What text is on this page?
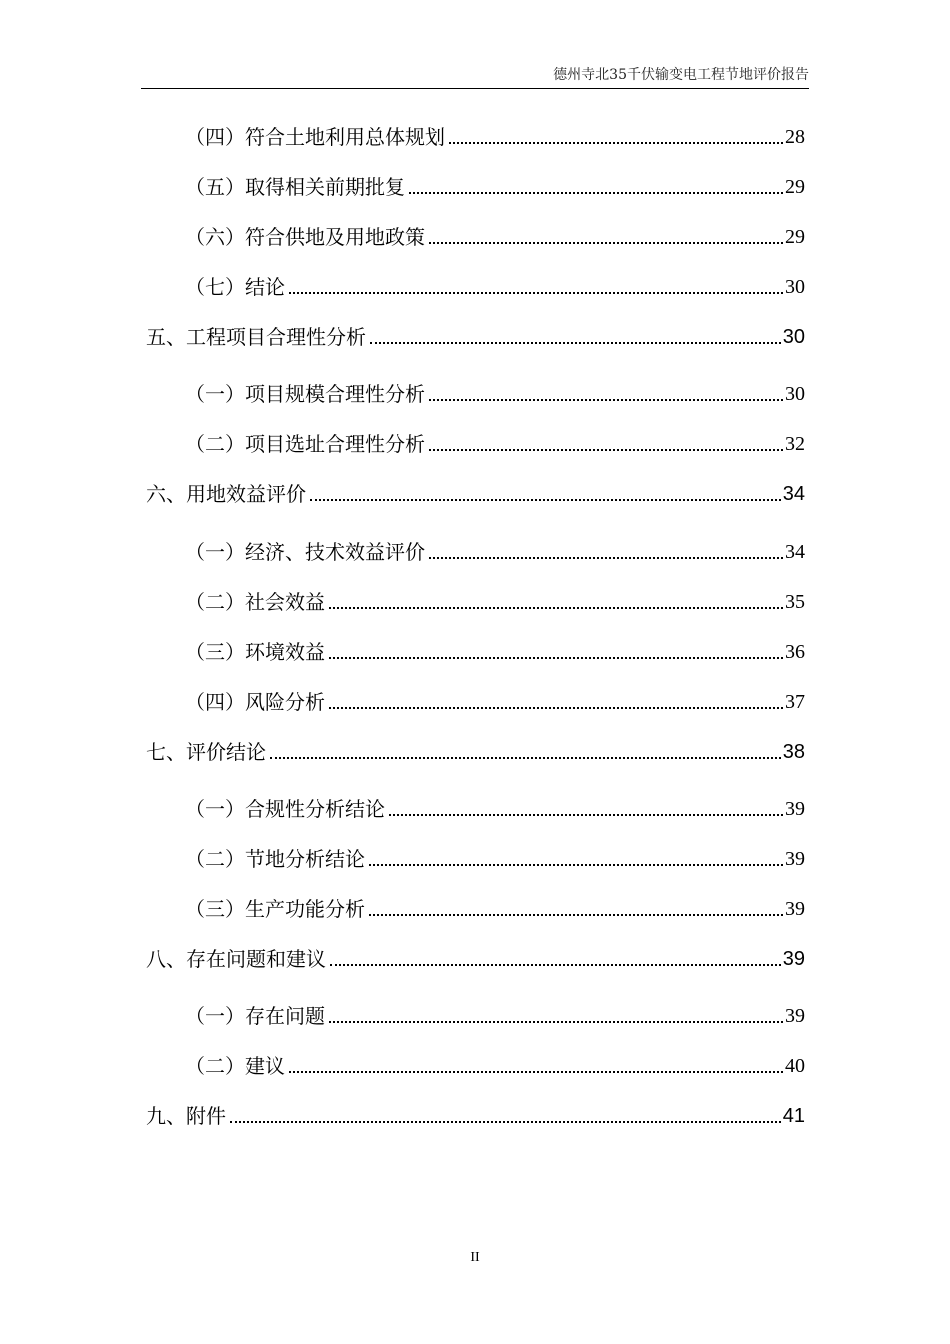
德州寺北35千伏输变电工程节地评价报告
（四）符合土地利用总体规划	28
（五）取得相关前期批复	29
（六）符合供地及用地政策	29
（七）结论	30
五、工程项目合理性分析	30
（一）项目规模合理性分析	30
（二）项目选址合理性分析	32
六、用地效益评价	34
（一）经济、技术效益评价	34
（二）社会效益	35
（三）环境效益	36
（四）风险分析	37
七、评价结论	38
（一）合规性分析结论	39
（二）节地分析结论	39
（三）生产功能分析	39
八、存在问题和建议	39
（一）存在问题	39
（二）建议	40
九、附件	41
II
